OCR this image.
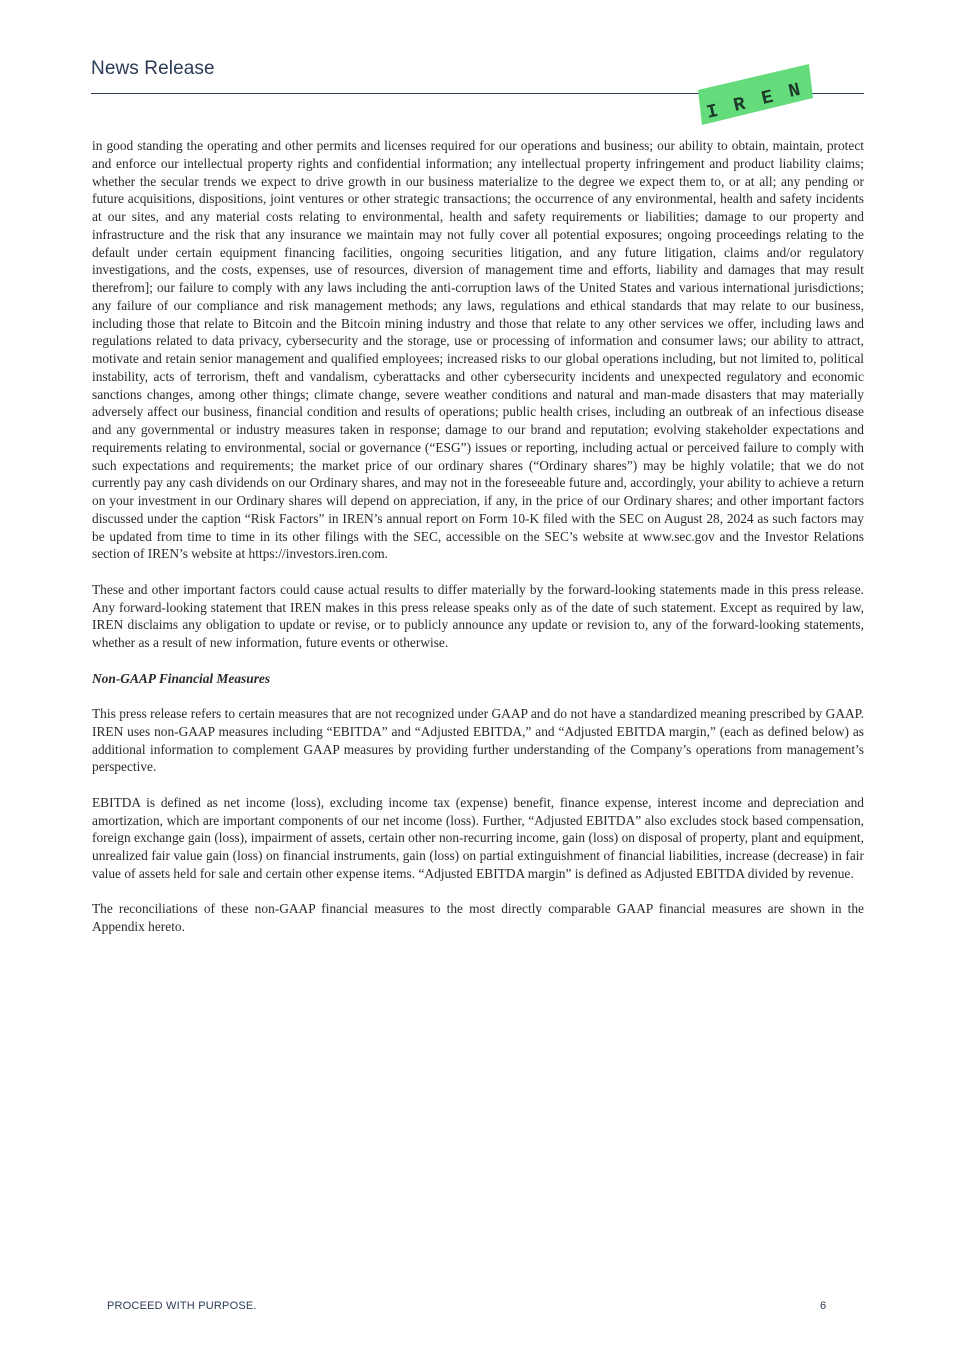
News Release
I R E N

in good standing the operating and other permits and licenses required for our operations and business; our ability to obtain, maintain, protect and enforce our intellectual property rights and confidential information; any intellectual property infringement and product liability claims; whether the secular trends we expect to drive growth in our business materialize to the degree we expect them to, or at all; any pending or future acquisitions, dispositions, joint ventures or other strategic transactions; the occurrence of any environmental, health and safety incidents at our sites, and any material costs relating to environmental, health and safety requirements or liabilities; damage to our property and infrastructure and the risk that any insurance we maintain may not fully cover all potential exposures; ongoing proceedings relating to the default under certain equipment financing facilities, ongoing securities litigation, and any future litigation, claims and/or regulatory investigations, and the costs, expenses, use of resources, diversion of management time and efforts, liability and damages that may result therefrom]; our failure to comply with any laws including the anti-corruption laws of the United States and various international jurisdictions; any failure of our compliance and risk management methods; any laws, regulations and ethical standards that may relate to our business, including those that relate to Bitcoin and the Bitcoin mining industry and those that relate to any other services we offer, including laws and regulations related to data privacy, cybersecurity and the storage, use or processing of information and consumer laws; our ability to attract, motivate and retain senior management and qualified employees; increased risks to our global operations including, but not limited to, political instability, acts of terrorism, theft and vandalism, cyberattacks and other cybersecurity incidents and unexpected regulatory and economic sanctions changes, among other things; climate change, severe weather conditions and natural and man-made disasters that may materially adversely affect our business, financial condition and results of operations; public health crises, including an outbreak of an infectious disease and any governmental or industry measures taken in response; damage to our brand and reputation; evolving stakeholder expectations and requirements relating to environmental, social or governance (“ESG”) issues or reporting, including actual or perceived failure to comply with such expectations and requirements; the market price of our ordinary shares (“Ordinary shares”) may be highly volatile; that we do not currently pay any cash dividends on our Ordinary shares, and may not in the foreseeable future and, accordingly, your ability to achieve a return on your investment in our Ordinary shares will depend on appreciation, if any, in the price of our Ordinary shares; and other important factors discussed under the caption “Risk Factors” in IREN’s annual report on Form 10-K filed with the SEC on August 28, 2024 as such factors may be updated from time to time in its other filings with the SEC, accessible on the SEC’s website at www.sec.gov and the Investor Relations section of IREN’s website at https://investors.iren.com.

These and other important factors could cause actual results to differ materially by the forward-looking statements made in this press release. Any forward-looking statement that IREN makes in this press release speaks only as of the date of such statement. Except as required by law, IREN disclaims any obligation to update or revise, or to publicly announce any update or revision to, any of the forward-looking statements, whether as a result of new information, future events or otherwise.

Non-GAAP Financial Measures

This press release refers to certain measures that are not recognized under GAAP and do not have a standardized meaning prescribed by GAAP. IREN uses non-GAAP measures including “EBITDA” and “Adjusted EBITDA,” and “Adjusted EBITDA margin,” (each as defined below) as additional information to complement GAAP measures by providing further understanding of the Company’s operations from management’s perspective.

EBITDA is defined as net income (loss), excluding income tax (expense) benefit, finance expense, interest income and depreciation and amortization, which are important components of our net income (loss). Further, “Adjusted EBITDA” also excludes stock based compensation, foreign exchange gain (loss), impairment of assets, certain other non-recurring income, gain (loss) on disposal of property, plant and equipment, unrealized fair value gain (loss) on financial instruments, gain (loss) on partial extinguishment of financial liabilities, increase (decrease) in fair value of assets held for sale and certain other expense items. “Adjusted EBITDA margin” is defined as Adjusted EBITDA divided by revenue.

The reconciliations of these non-GAAP financial measures to the most directly comparable GAAP financial measures are shown in the Appendix hereto.

PROCEED WITH PURPOSE.	6
